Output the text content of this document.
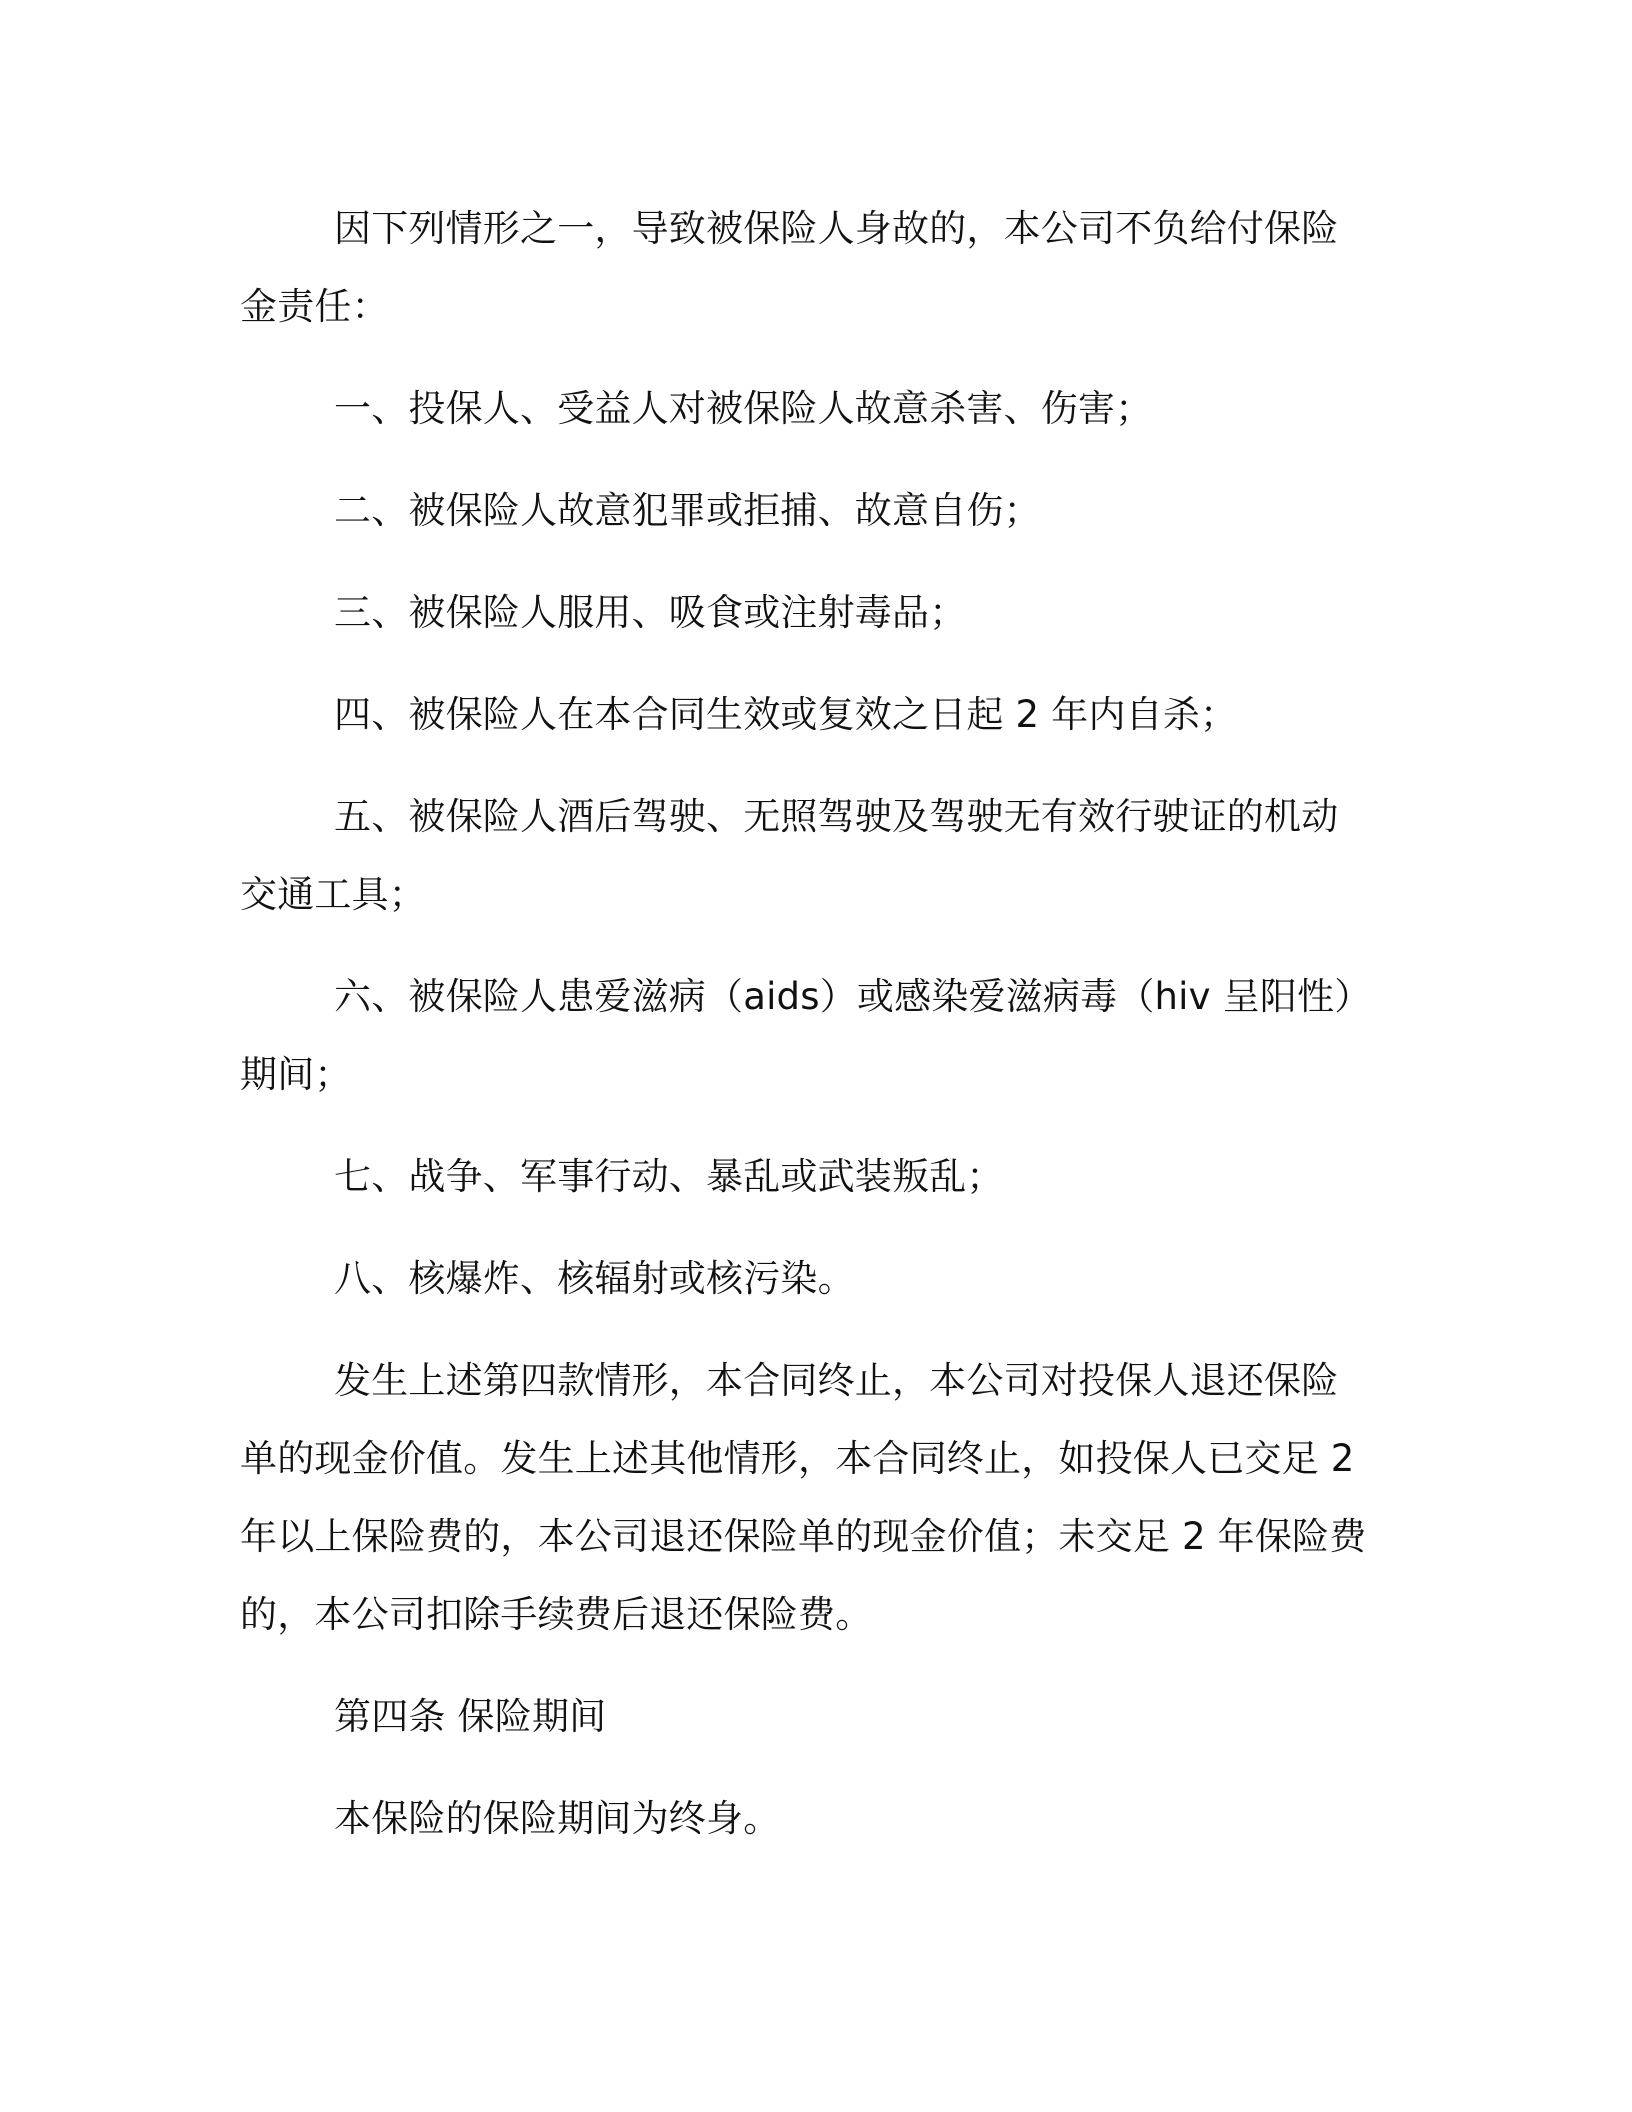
因下列情形之一，导致被保险人身故的，本公司不负给付保险金责任：

一、投保人、受益人对被保险人故意杀害、伤害；

二、被保险人故意犯罪或拒捕、故意自伤；

三、被保险人服用、吸食或注射毒品；

四、被保险人在本合同生效或复效之日起 2 年内自杀；

五、被保险人酒后驾驶、无照驾驶及驾驶无有效行驶证的机动交通工具；

六、被保险人患爱滋病（aids）或感染爱滋病毒（hiv 呈阳性）期间；

七、战争、军事行动、暴乱或武装叛乱；

八、核爆炸、核辐射或核污染。

发生上述第四款情形，本合同终止，本公司对投保人退还保险单的现金价值。发生上述其他情形，本合同终止，如投保人已交足 2 年以上保险费的，本公司退还保险单的现金价值；未交足 2 年保险费的，本公司扣除手续费后退还保险费。

第四条 保险期间

本保险的保险期间为终身。
